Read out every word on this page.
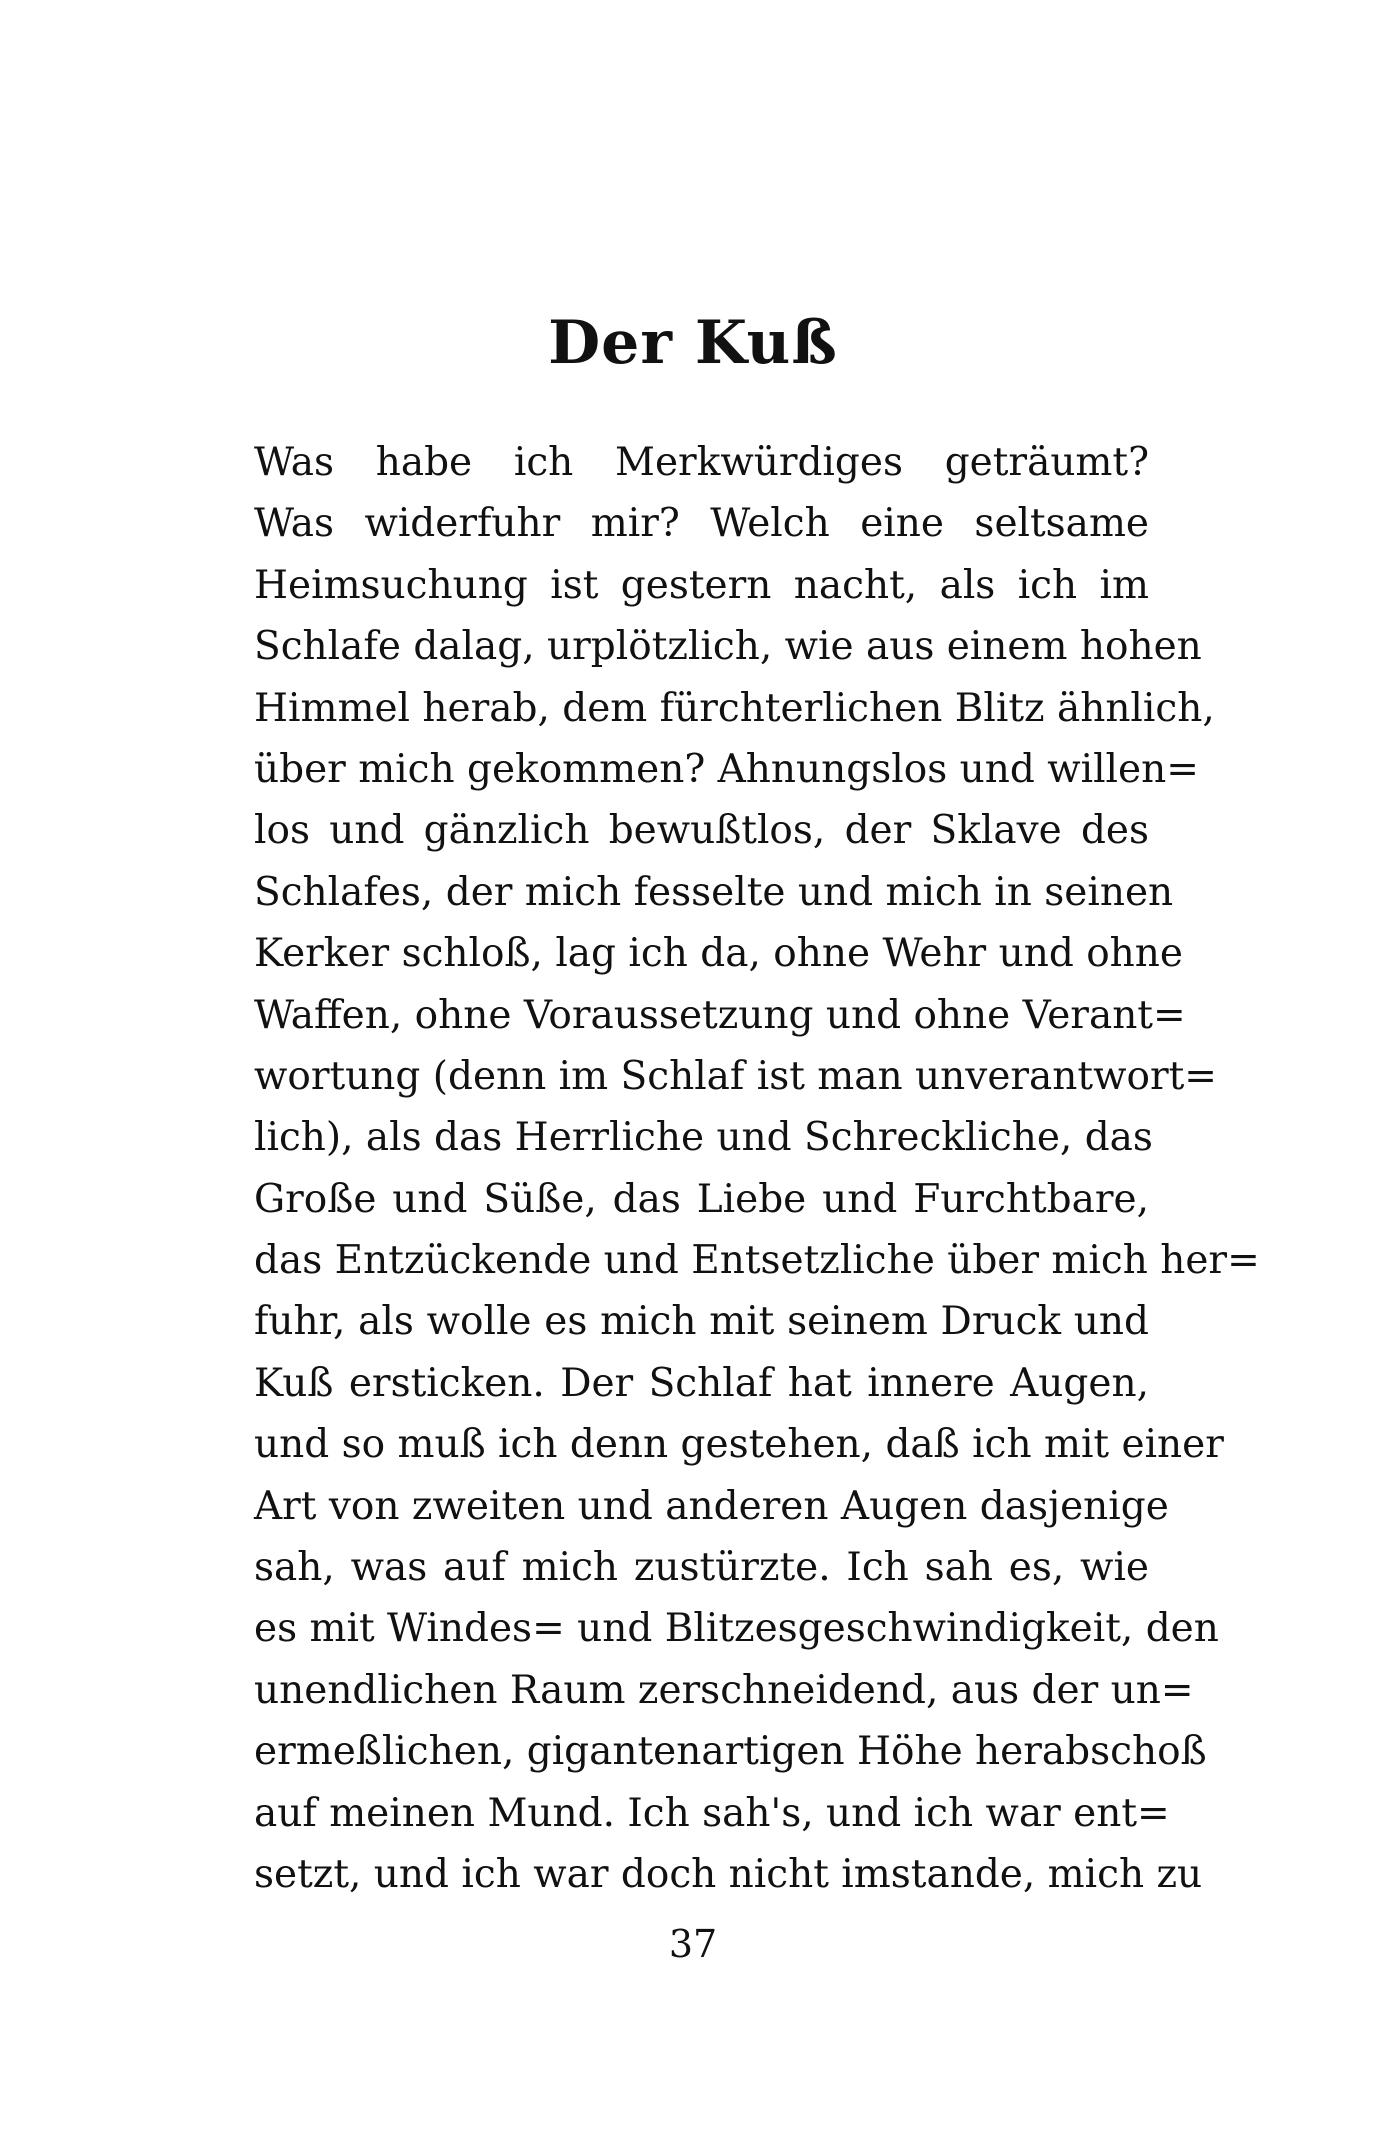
Der Kuß
Was habe ich Merkwürdiges geträumt?
Was widerfuhr mir? Welch eine seltsame
Heimsuchung ist gestern nacht, als ich im
Schlafe dalag, urplötzlich, wie aus einem hohen
Himmel herab, dem fürchterlichen Blitz ähnlich,
über mich gekommen? Ahnungslos und willen=
los und gänzlich bewußtlos, der Sklave des
Schlafes, der mich fesselte und mich in seinen
Kerker schloß, lag ich da, ohne Wehr und ohne
Waffen, ohne Voraussetzung und ohne Verant=
wortung (denn im Schlaf ist man unverantwort=
lich), als das Herrliche und Schreckliche, das
Große und Süße, das Liebe und Furchtbare,
das Entzückende und Entsetzliche über mich her=
fuhr, als wolle es mich mit seinem Druck und
Kuß ersticken. Der Schlaf hat innere Augen,
und so muß ich denn gestehen, daß ich mit einer
Art von zweiten und anderen Augen dasjenige
sah, was auf mich zustürzte. Ich sah es, wie
es mit Windes= und Blitzesgeschwindigkeit, den
unendlichen Raum zerschneidend, aus der un=
ermeßlichen, gigantenartigen Höhe herabschoß
auf meinen Mund. Ich sah's, und ich war ent=
setzt, und ich war doch nicht imstande, mich zu
37
